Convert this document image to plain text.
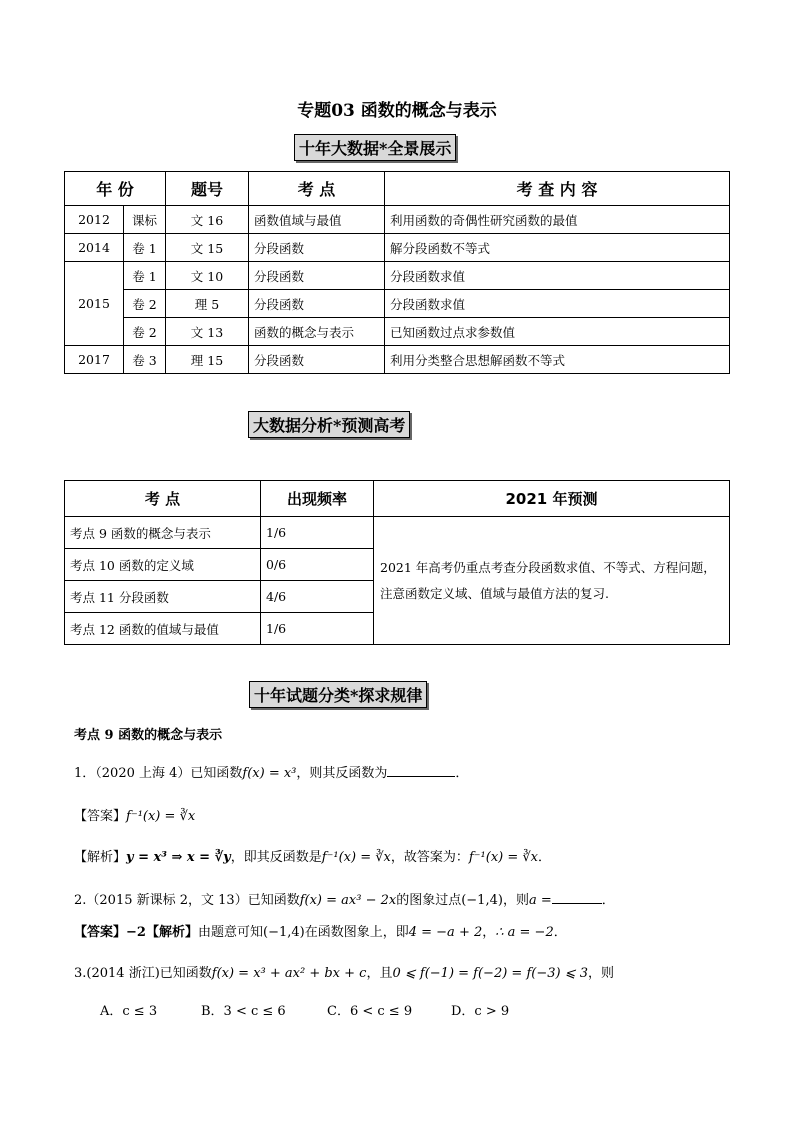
专题03 函数的概念与表示
十年大数据*全景展示
年 份		题号	考 点	考 查 内 容
2012	课标	文 16	函数值域与最值	利用函数的奇偶性研究函数的最值
2014	卷 1	文 15	分段函数	解分段函数不等式
2015	卷 1	文 10	分段函数	分段函数求值
	卷 2	理 5	分段函数	分段函数求值
	卷 2	文 13	函数的概念与表示	已知函数过点求参数值
2017	卷 3	理 15	分段函数	利用分类整合思想解函数不等式
大数据分析*预测高考
考 点	出现频率	2021 年预测
考点 9 函数的概念与表示	1/6	2021 年高考仍重点考查分段函数求值、不等式、方程问题，注意函数定义域、值域与最值方法的复习.
考点 10 函数的定义域	0/6	
考点 11 分段函数	4/6	
考点 12 函数的值域与最值	1/6	
十年试题分类*探求规律
考点 9 函数的概念与表示
1．（2020 上海 4）已知函数f(x) = x³，则其反函数为	．
【答案】f⁻¹(x) = ∛x
【解析】y = x³ ⇒ x = ∛y，即其反函数是f⁻¹(x) = ∛x，故答案为：f⁻¹(x) = ∛x．
2.（2015 新课标 2，文 13）已知函数f(x) = ax³ − 2x的图象过点(−1,4)，则a =	．
【答案】−2【解析】由题意可知(−1,4)在函数图象上，即4 = −a + 2，∴ a = −2．
3.(2014 浙江)已知函数f(x) = x³ + ax² + bx + c，且0 ⩽ f(−1) = f(−2) = f(−3) ⩽ 3，则
A．c ≤ 3	B．3 < c ≤ 6	C．6 < c ≤ 9	D．c > 9
